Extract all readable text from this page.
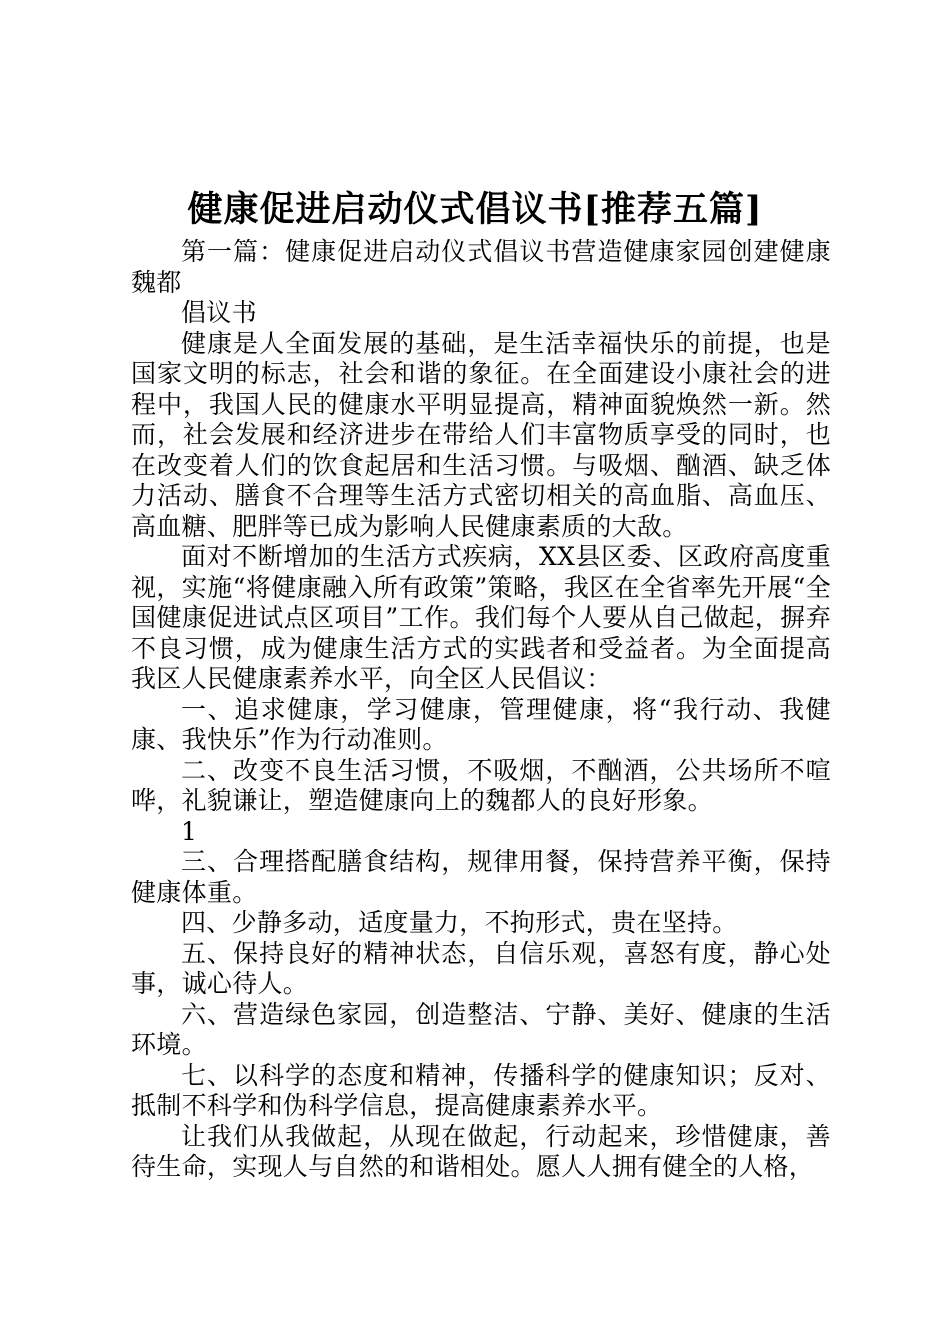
健康促进启动仪式倡议书[推荐五篇]

第一篇：健康促进启动仪式倡议书营造健康家园创建健康魏都

倡议书

健康是人全面发展的基础，是生活幸福快乐的前提，也是国家文明的标志，社会和谐的象征。在全面建设小康社会的进程中，我国人民的健康水平明显提高，精神面貌焕然一新。然而，社会发展和经济进步在带给人们丰富物质享受的同时，也在改变着人们的饮食起居和生活习惯。与吸烟、酗酒、缺乏体力活动、膳食不合理等生活方式密切相关的高血脂、高血压、高血糖、肥胖等已成为影响人民健康素质的大敌。

面对不断增加的生活方式疾病，XX县区委、区政府高度重视，实施“将健康融入所有政策”策略，我区在全省率先开展“全国健康促进试点区项目”工作。我们每个人要从自己做起，摒弃不良习惯，成为健康生活方式的实践者和受益者。为全面提高我区人民健康素养水平，向全区人民倡议：

一、追求健康，学习健康，管理健康，将“我行动、我健康、我快乐”作为行动准则。

二、改变不良生活习惯，不吸烟，不酗酒，公共场所不喧哗，礼貌谦让，塑造健康向上的魏都人的良好形象。

1

三、合理搭配膳食结构，规律用餐，保持营养平衡，保持健康体重。

四、少静多动，适度量力，不拘形式，贵在坚持。

五、保持良好的精神状态，自信乐观，喜怒有度，静心处事，诚心待人。

六、营造绿色家园，创造整洁、宁静、美好、健康的生活环境。

七、以科学的态度和精神，传播科学的健康知识；反对、抵制不科学和伪科学信息，提高健康素养水平。

让我们从我做起，从现在做起，行动起来，珍惜健康，善待生命，实现人与自然的和谐相处。愿人人拥有健全的人格，
